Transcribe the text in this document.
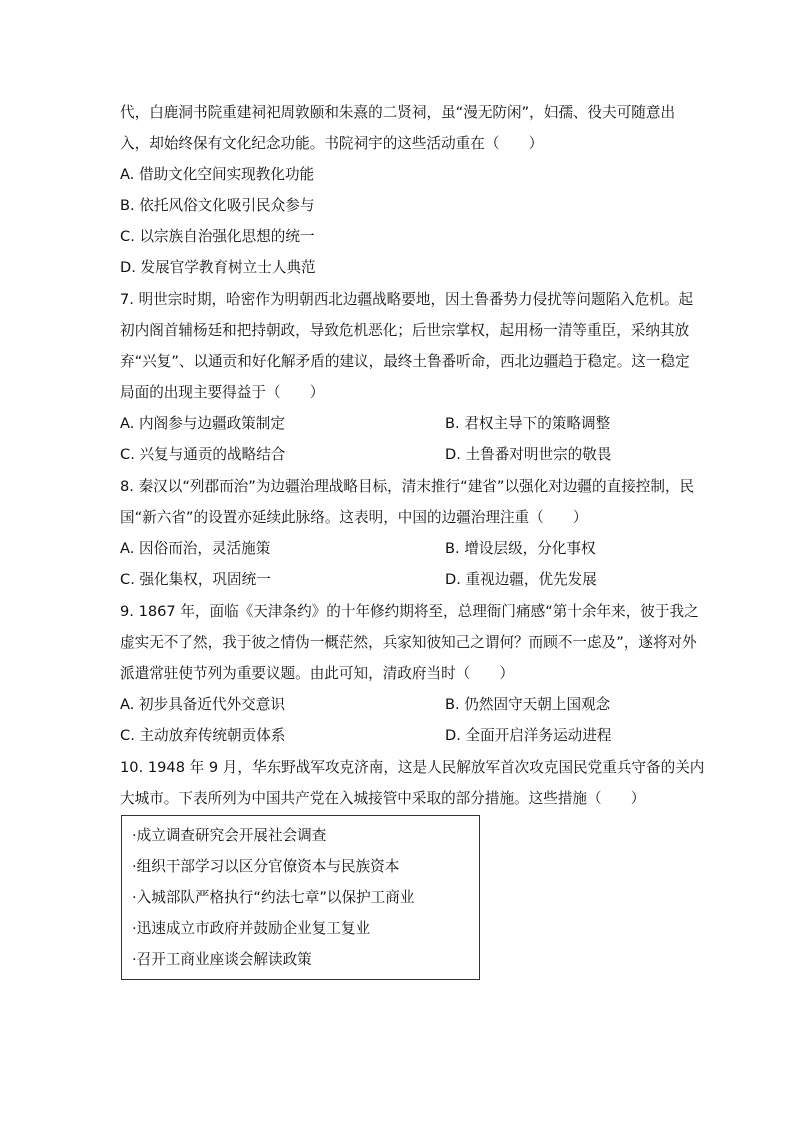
代，白鹿洞书院重建祠祀周敦颐和朱熹的二贤祠，虽“漫无防闲”，妇孺、役夫可随意出
入，却始终保有文化纪念功能。书院祠宇的这些活动重在（　　）
A. 借助文化空间实现教化功能
B. 依托风俗文化吸引民众参与
C. 以宗族自治强化思想的统一
D. 发展官学教育树立士人典范
7. 明世宗时期，哈密作为明朝西北边疆战略要地，因土鲁番势力侵扰等问题陷入危机。起
初内阁首辅杨廷和把持朝政，导致危机恶化；后世宗掌权，起用杨一清等重臣，采纳其放
弃“兴复”、以通贡和好化解矛盾的建议，最终土鲁番听命，西北边疆趋于稳定。这一稳定
局面的出现主要得益于（　　）
A. 内阁参与边疆政策制定	B. 君权主导下的策略调整
C. 兴复与通贡的战略结合	D. 土鲁番对明世宗的敬畏
8. 秦汉以“列郡而治”为边疆治理战略目标，清末推行“建省”以强化对边疆的直接控制，民
国“新六省”的设置亦延续此脉络。这表明，中国的边疆治理注重（　　）
A. 因俗而治，灵活施策	B. 增设层级，分化事权
C. 强化集权，巩固统一	D. 重视边疆，优先发展
9. 1867 年，面临《天津条约》的十年修约期将至，总理衙门痛感“第十余年来，彼于我之
虚实无不了然，我于彼之情伪一概茫然，兵家知彼知己之谓何？而顾不一虑及”，遂将对外
派遣常驻使节列为重要议题。由此可知，清政府当时（　　）
A. 初步具备近代外交意识	B. 仍然固守天朝上国观念
C. 主动放弃传统朝贡体系	D. 全面开启洋务运动进程
10. 1948 年 9 月，华东野战军攻克济南，这是人民解放军首次攻克国民党重兵守备的关内
大城市。下表所列为中国共产党在入城接管中采取的部分措施。这些措施（　　）
·成立调查研究会开展社会调查
·组织干部学习以区分官僚资本与民族资本
·入城部队严格执行“约法七章”以保护工商业
·迅速成立市政府并鼓励企业复工复业
·召开工商业座谈会解读政策
